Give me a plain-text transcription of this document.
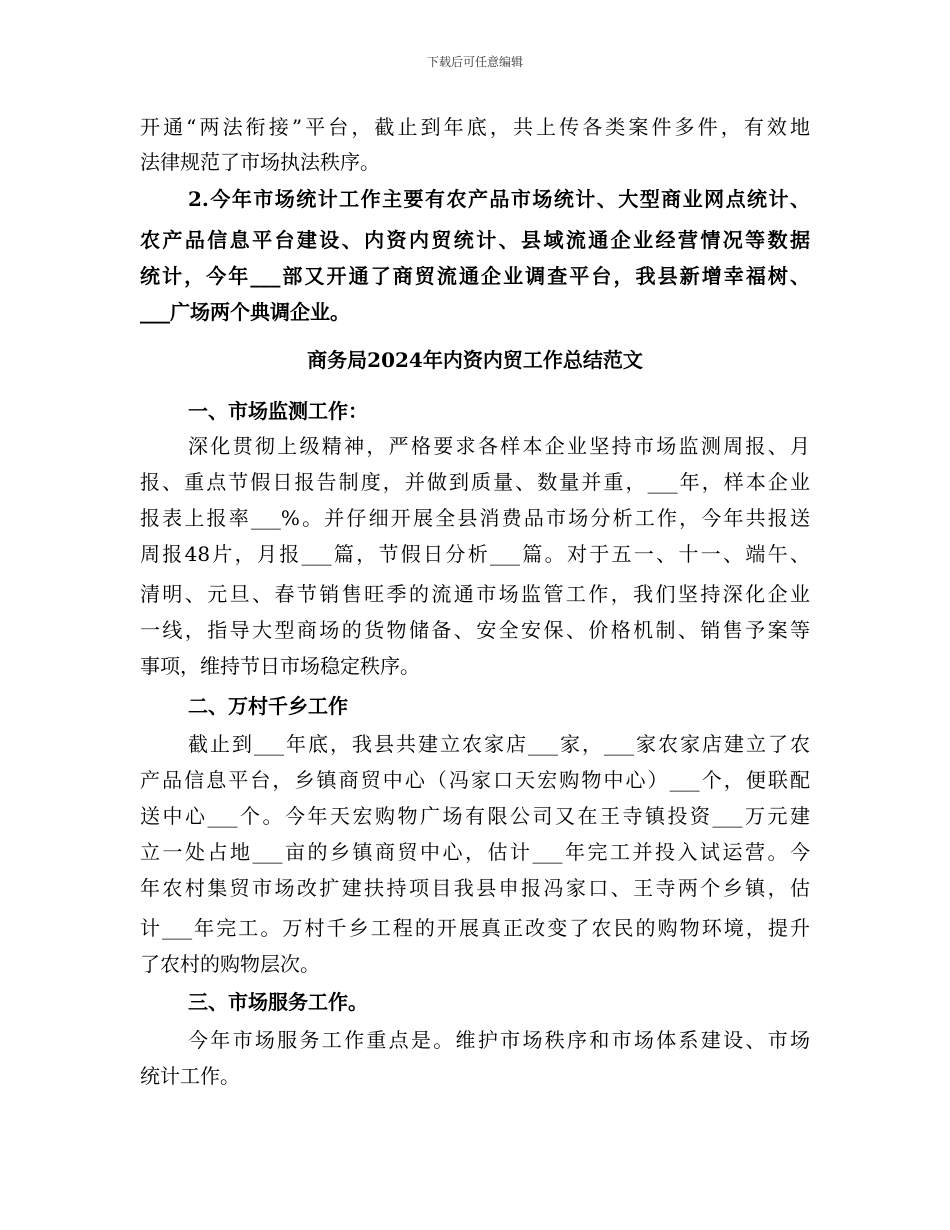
下载后可任意编辑
开通“两法衔接”平台，截止到年底，共上传各类案件多件，有效地
法律规范了市场执法秩序。
2.今年市场统计工作主要有农产品市场统计、大型商业网点统计、
农产品信息平台建设、内资内贸统计、县域流通企业经营情况等数据
统计，今年___部又开通了商贸流通企业调查平台，我县新增幸福树、
___广场两个典调企业。
商务局2024年内资内贸工作总结范文
一、市场监测工作：
深化贯彻上级精神，严格要求各样本企业坚持市场监测周报、月
报、重点节假日报告制度，并做到质量、数量并重，___年，样本企业
报表上报率___%。并仔细开展全县消费品市场分析工作，今年共报送
周报48片，月报___篇，节假日分析___篇。对于五一、十一、端午、
清明、元旦、春节销售旺季的流通市场监管工作，我们坚持深化企业
一线，指导大型商场的货物储备、安全安保、价格机制、销售予案等
事项，维持节日市场稳定秩序。
二、万村千乡工作
截止到___年底，我县共建立农家店___家，___家农家店建立了农
产品信息平台，乡镇商贸中心（冯家口天宏购物中心）___个，便联配
送中心___个。今年天宏购物广场有限公司又在王寺镇投资___万元建
立一处占地___亩的乡镇商贸中心，估计___年完工并投入试运营。今
年农村集贸市场改扩建扶持项目我县申报冯家口、王寺两个乡镇，估
计___年完工。万村千乡工程的开展真正改变了农民的购物环境，提升
了农村的购物层次。
三、市场服务工作。
今年市场服务工作重点是。维护市场秩序和市场体系建设、市场
统计工作。
